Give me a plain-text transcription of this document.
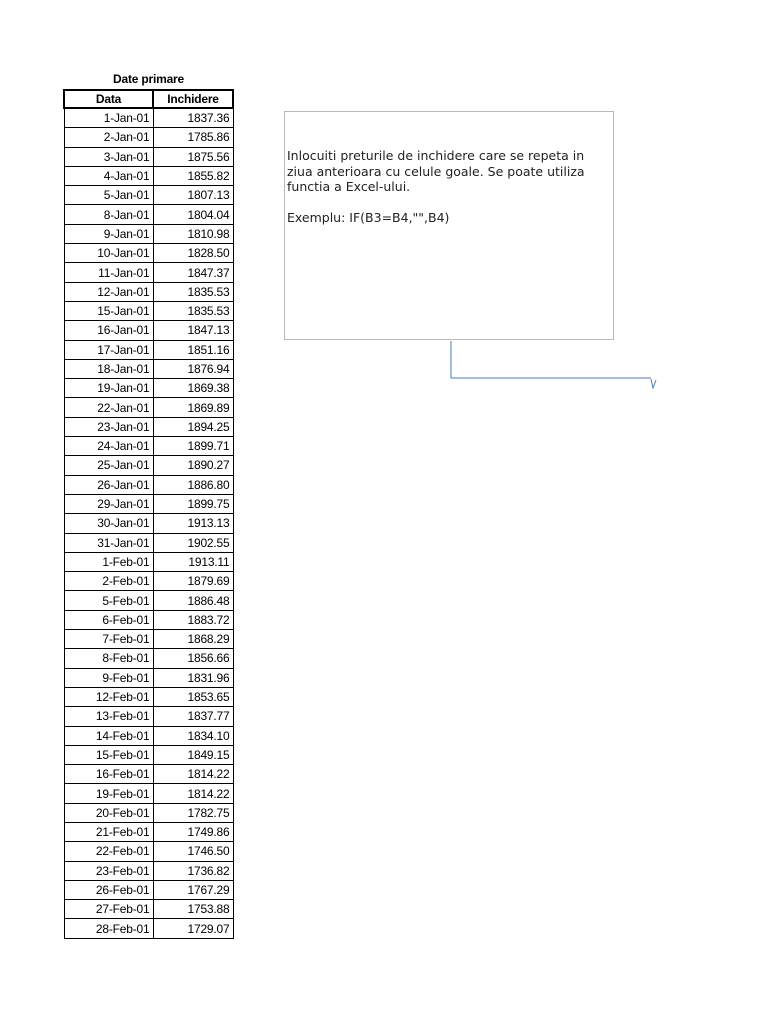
Date primare
Data	Inchidere
1-Jan-01	1837.36
2-Jan-01	1785.86
3-Jan-01	1875.56
4-Jan-01	1855.82
5-Jan-01	1807.13
8-Jan-01	1804.04
9-Jan-01	1810.98
10-Jan-01	1828.50
11-Jan-01	1847.37
12-Jan-01	1835.53
15-Jan-01	1835.53
16-Jan-01	1847.13
17-Jan-01	1851.16
18-Jan-01	1876.94
19-Jan-01	1869.38
22-Jan-01	1869.89
23-Jan-01	1894.25
24-Jan-01	1899.71
25-Jan-01	1890.27
26-Jan-01	1886.80
29-Jan-01	1899.75
30-Jan-01	1913.13
31-Jan-01	1902.55
1-Feb-01	1913.11
2-Feb-01	1879.69
5-Feb-01	1886.48
6-Feb-01	1883.72
7-Feb-01	1868.29
8-Feb-01	1856.66
9-Feb-01	1831.96
12-Feb-01	1853.65
13-Feb-01	1837.77
14-Feb-01	1834.10
15-Feb-01	1849.15
16-Feb-01	1814.22
19-Feb-01	1814.22
20-Feb-01	1782.75
21-Feb-01	1749.86
22-Feb-01	1746.50
23-Feb-01	1736.82
26-Feb-01	1767.29
27-Feb-01	1753.88
28-Feb-01	1729.07
Inlocuiti preturile de inchidere care se repeta in ziua anterioara cu celule goale. Se poate utiliza functia a Excel-ului.

Exemplu: IF(B3=B4,"",B4)
